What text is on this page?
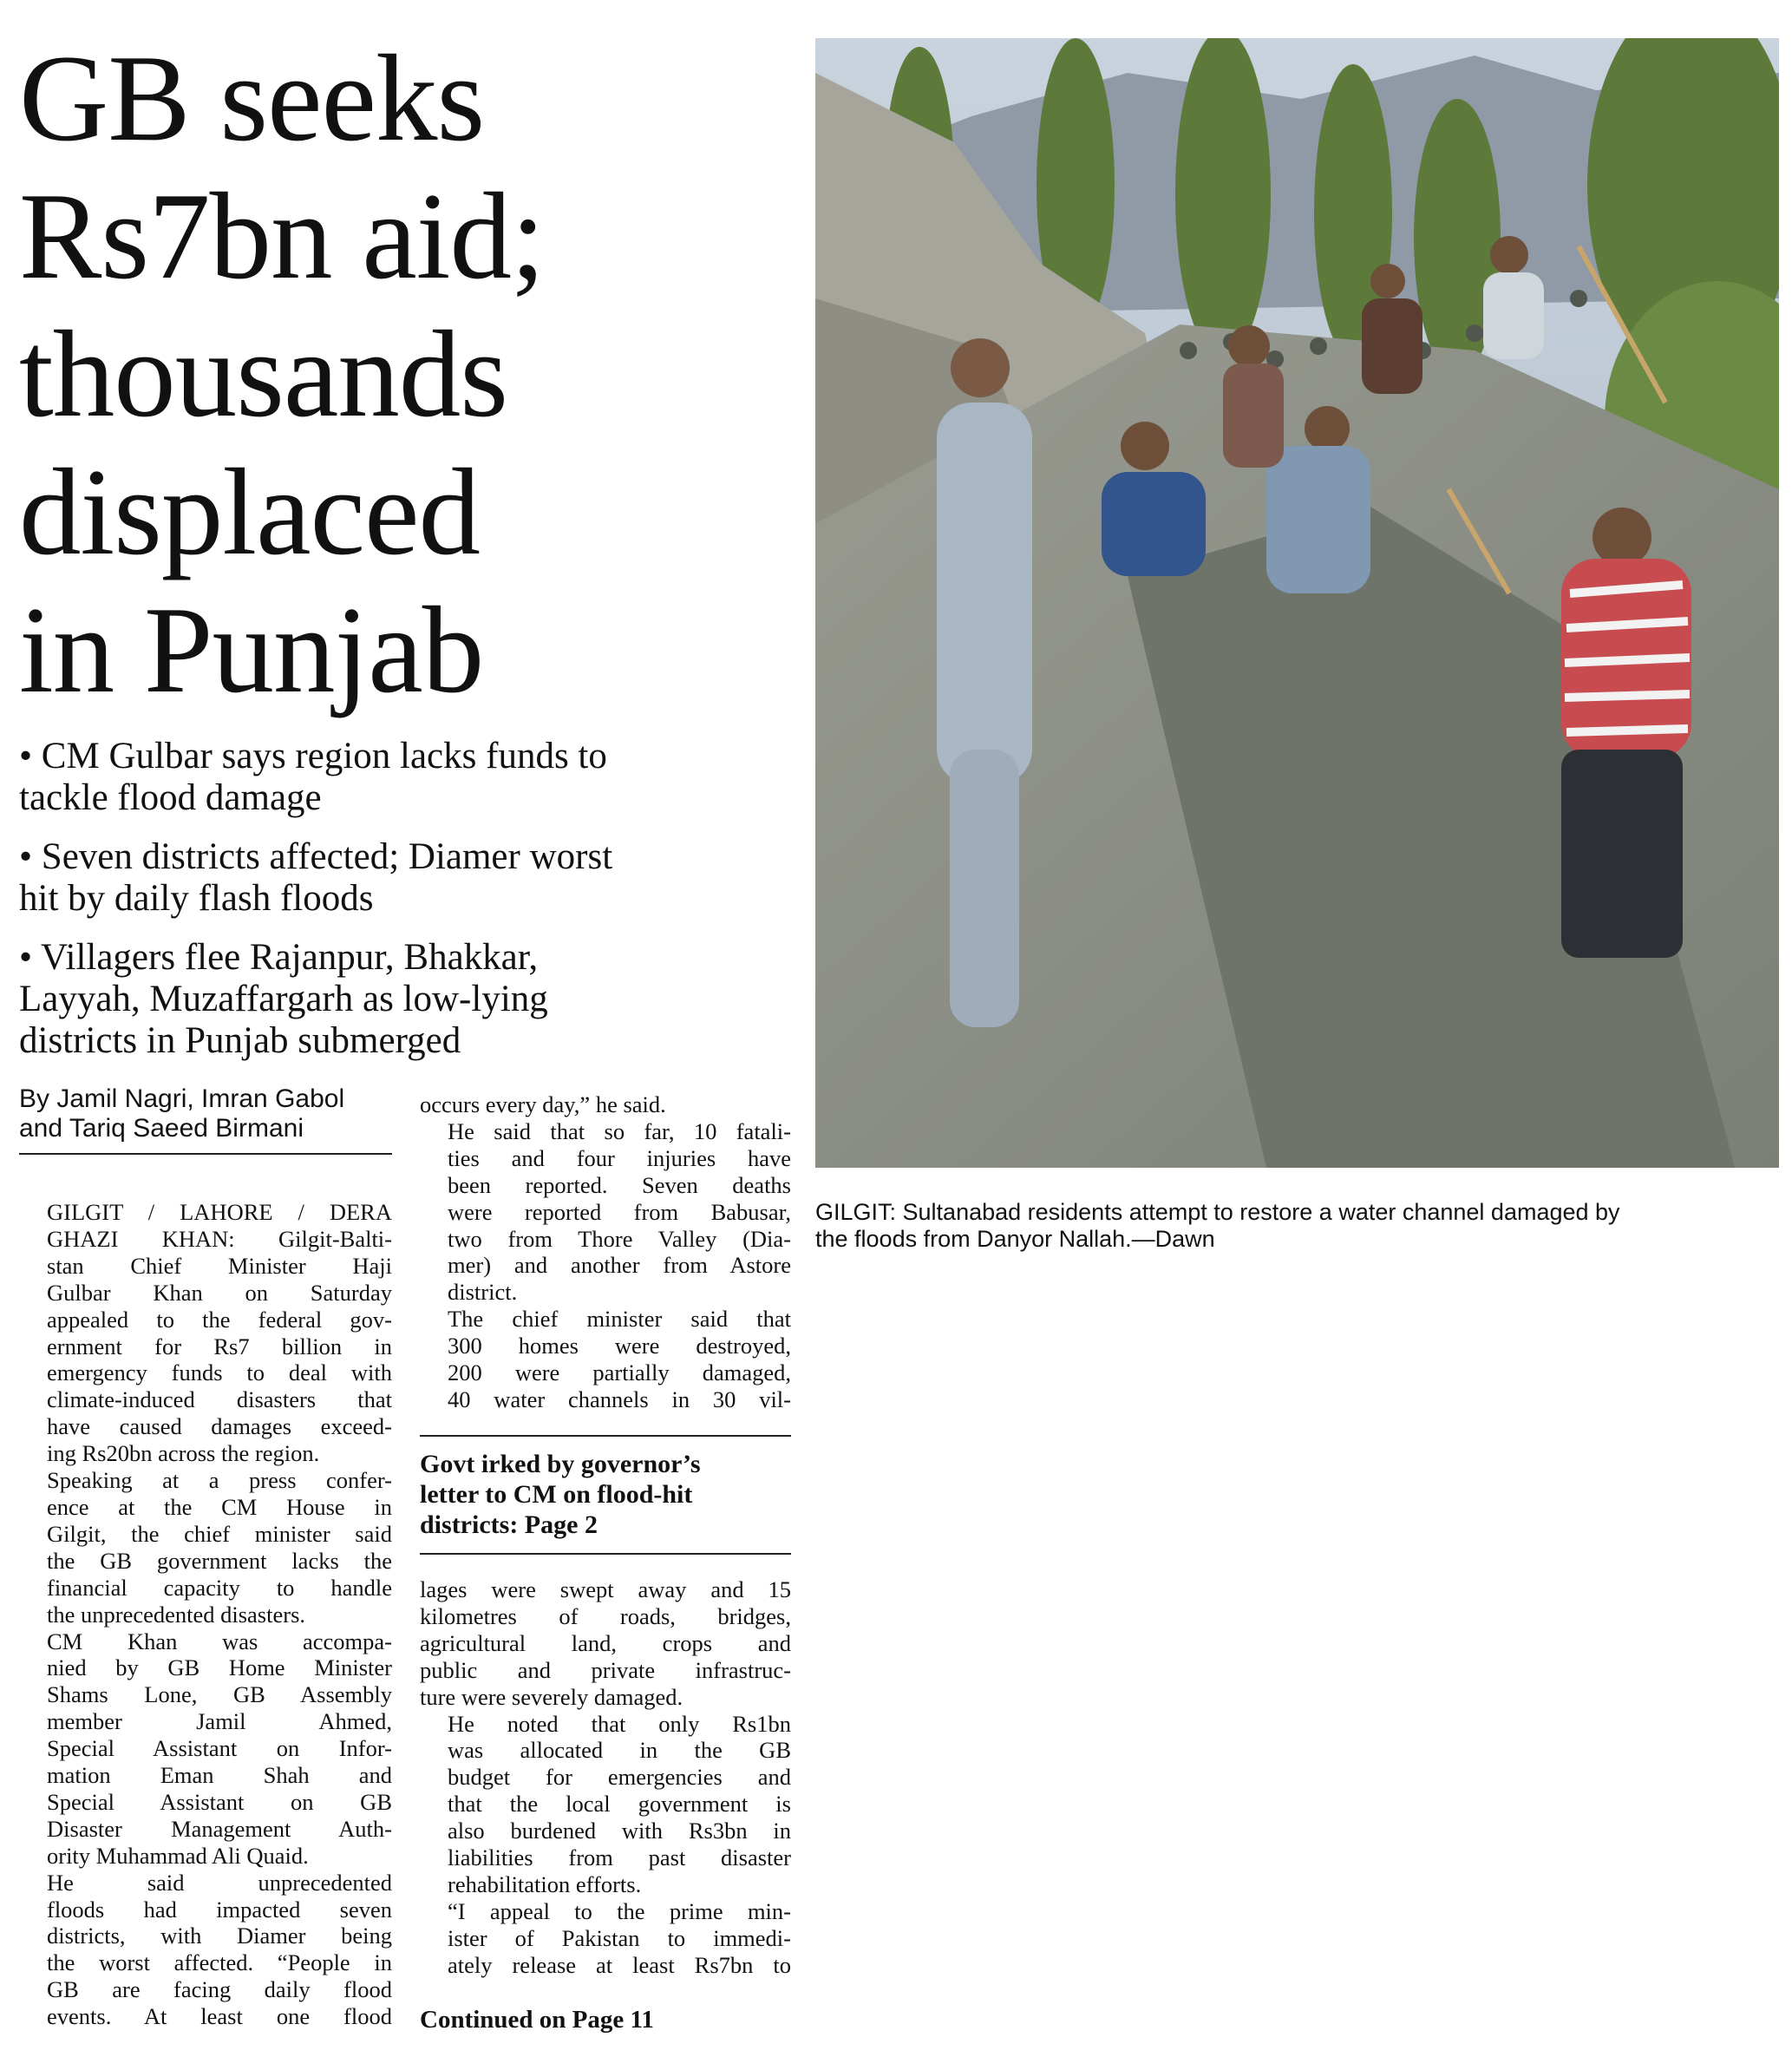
GB seeks
Rs7bn aid;
thousands
displaced
in Punjab
• CM Gulbar says region lacks funds to
tackle flood damage
• Seven districts affected; Diamer worst
hit by daily flash floods
• Villagers flee Rajanpur, Bhakkar,
Layyah, Muzaffargarh as low-lying
districts in Punjab submerged
By Jamil Nagri, Imran Gabol
and Tariq Saeed Birmani

GILGIT / LAHORE / DERA
GHAZI KHAN: Gilgit-Balti-
stan Chief Minister Haji
Gulbar Khan on Saturday
appealed to the federal gov-
ernment for Rs7 billion in
emergency funds to deal with
climate-induced disasters that
have caused damages exceed-
ing Rs20bn across the region.

Speaking at a press confer-
ence at the CM House in
Gilgit, the chief minister said
the GB government lacks the
financial capacity to handle
the unprecedented disasters.

CM Khan was accompa-
nied by GB Home Minister
Shams Lone, GB Assembly
member Jamil Ahmed,
Special Assistant on Infor-
mation Eman Shah and
Special Assistant on GB
Disaster Management Auth-
ority Muhammad Ali Quaid.

He said unprecedented
floods had impacted seven
districts, with Diamer being
the worst affected. “People in
GB are facing daily flood
events. At least one flood

occurs every day,” he said.

He said that so far, 10 fatali-
ties and four injuries have
been reported. Seven deaths
were reported from Babusar,
two from Thore Valley (Dia-
mer) and another from Astore
district.

The chief minister said that
300 homes were destroyed,
200 were partially damaged,
40 water channels in 30 vil-

Govt irked by governor’s
letter to CM on flood-hit
districts: Page 2

lages were swept away and 15
kilometres of roads, bridges,
agricultural land, crops and
public and private infrastruc-
ture were severely damaged.

He noted that only Rs1bn
was allocated in the GB
budget for emergencies and
that the local government is
also burdened with Rs3bn in
liabilities from past disaster
rehabilitation efforts.

“I appeal to the prime min-
ister of Pakistan to immedi-
ately release at least Rs7bn to

Continued on Page 11
GILGIT: Sultanabad residents attempt to restore a water channel damaged by
the floods from Danyor Nallah.—Dawn
